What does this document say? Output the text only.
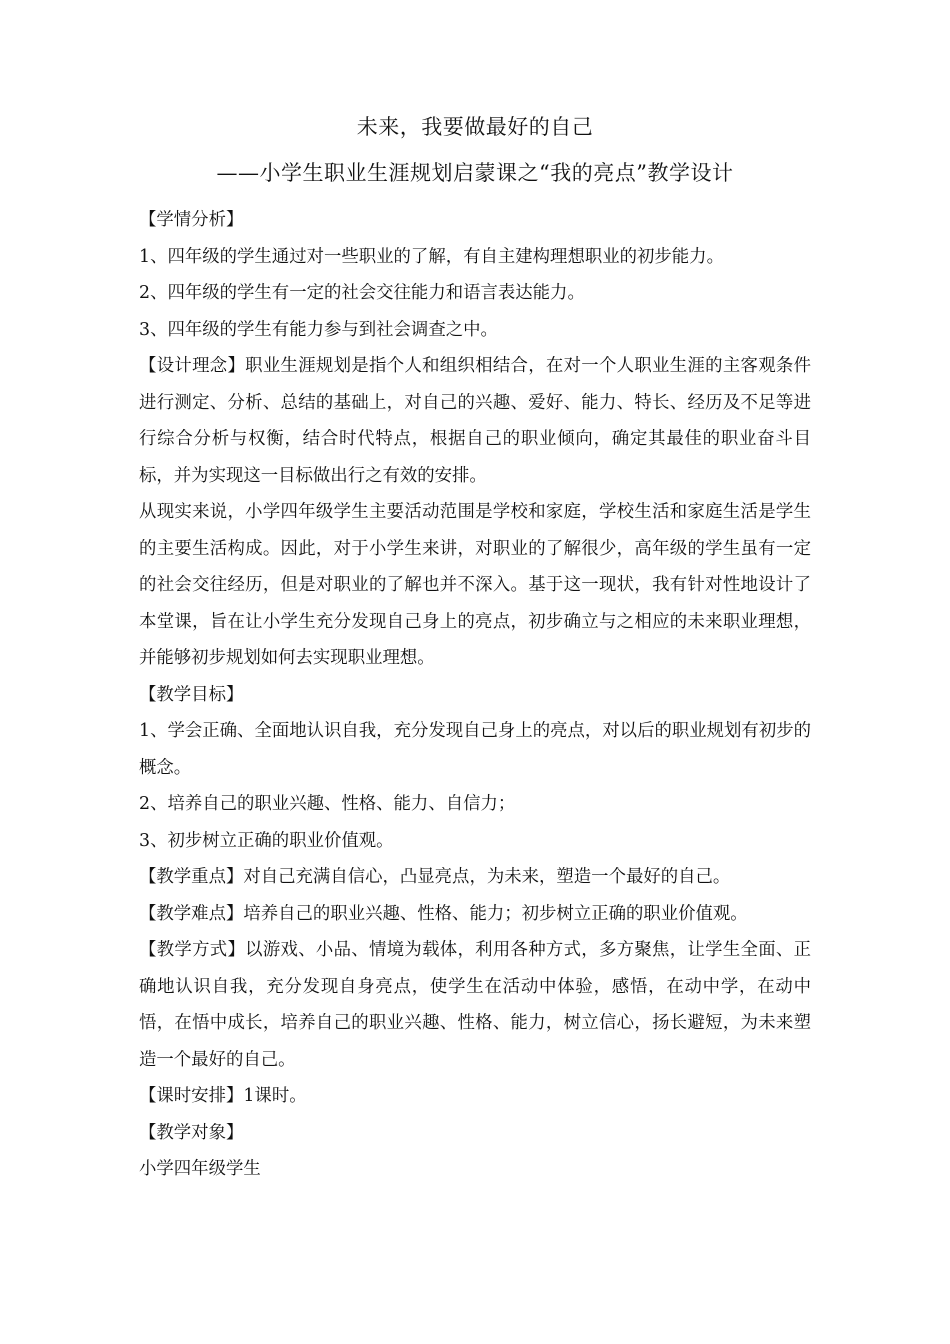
未来，我要做最好的自己
——小学生职业生涯规划启蒙课之“我的亮点”教学设计

【学情分析】

1、四年级的学生通过对一些职业的了解，有自主建构理想职业的初步能力。

2、四年级的学生有一定的社会交往能力和语言表达能力。

3、四年级的学生有能力参与到社会调查之中。

【设计理念】职业生涯规划是指个人和组织相结合，在对一个人职业生涯的主客观条件进行测定、分析、总结的基础上，对自己的兴趣、爱好、能力、特长、经历及不足等进行综合分析与权衡，结合时代特点，根据自己的职业倾向，确定其最佳的职业奋斗目标，并为实现这一目标做出行之有效的安排。

从现实来说，小学四年级学生主要活动范围是学校和家庭，学校生活和家庭生活是学生的主要生活构成。因此，对于小学生来讲，对职业的了解很少，高年级的学生虽有一定的社会交往经历，但是对职业的了解也并不深入。基于这一现状，我有针对性地设计了本堂课，旨在让小学生充分发现自己身上的亮点，初步确立与之相应的未来职业理想，并能够初步规划如何去实现职业理想。

【教学目标】

1、学会正确、全面地认识自我，充分发现自己身上的亮点，对以后的职业规划有初步的概念。

2、培养自己的职业兴趣、性格、能力、自信力；

3、初步树立正确的职业价值观。

【教学重点】对自己充满自信心，凸显亮点，为未来，塑造一个最好的自己。

【教学难点】培养自己的职业兴趣、性格、能力；初步树立正确的职业价值观。

【教学方式】以游戏、小品、情境为载体，利用各种方式，多方聚焦，让学生全面、正确地认识自我，充分发现自身亮点，使学生在活动中体验，感悟，在动中学，在动中悟，在悟中成长，培养自己的职业兴趣、性格、能力，树立信心，扬长避短，为未来塑造一个最好的自己。

【课时安排】1课时。

【教学对象】

小学四年级学生
